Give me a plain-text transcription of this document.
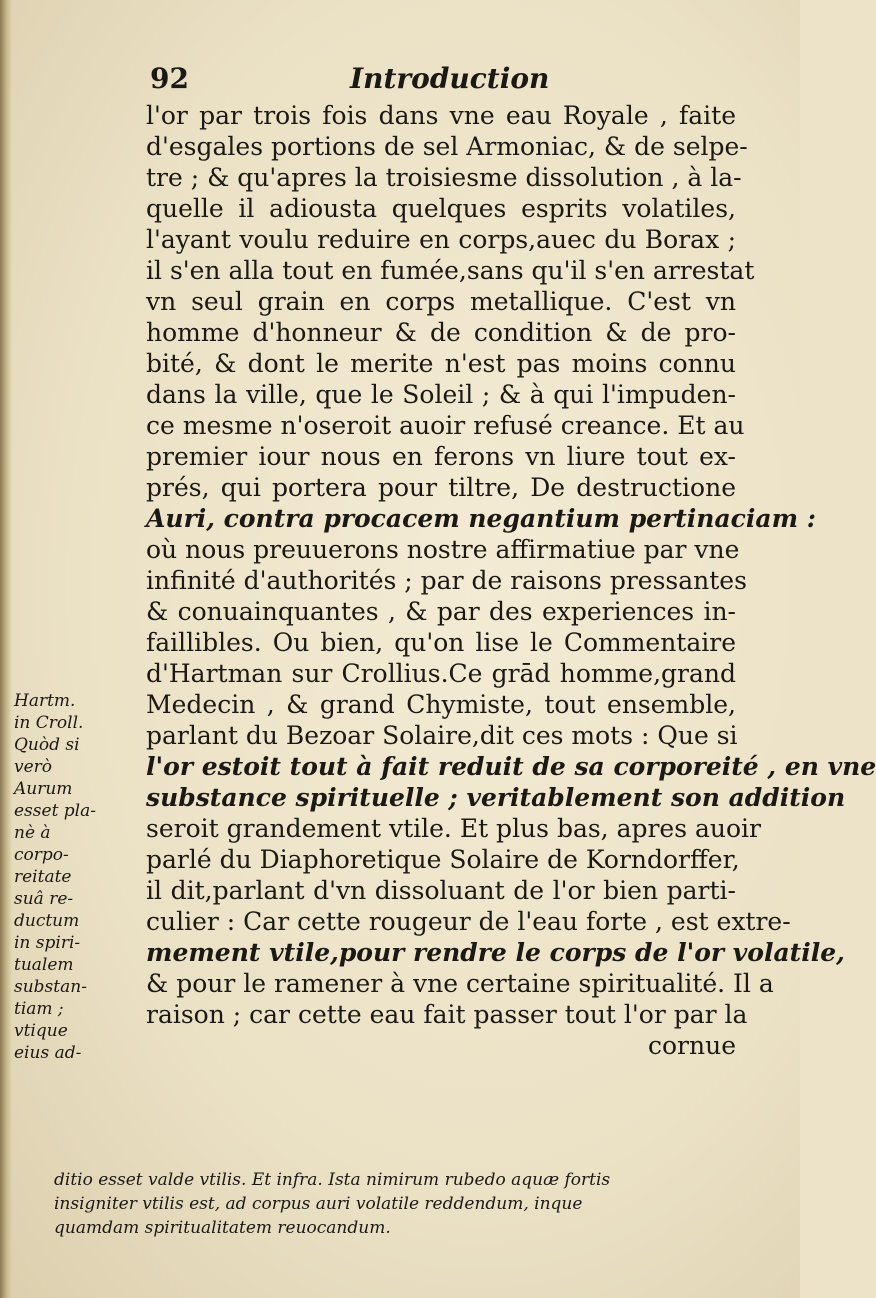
92	Introduction
l'or par trois fois dans vne eau Royale , faite
d'esgales portions de sel Armoniac, & de selpe-
tre ; & qu'apres la troisiesme dissolution , à la-
quelle il adiousta quelques esprits volatiles,
l'ayant voulu reduire en corps,auec du Borax ;
il s'en alla tout en fumée,sans qu'il s'en arrestat
vn seul grain en corps metallique. C'est vn
homme d'honneur & de condition & de pro-
bité, & dont le merite n'est pas moins connu
dans la ville, que le Soleil ; & à qui l'impuden-
ce mesme n'oseroit auoir refusé creance. Et au
premier iour nous en ferons vn liure tout ex-
prés, qui portera pour tiltre, De destructione
Auri, contra procacem negantium pertinaciam :
où nous preuuerons nostre affirmatiue par vne
infinité d'authorités ; par de raisons pressantes
& conuainquantes , & par des experiences in-
faillibles. Ou bien, qu'on lise le Commentaire
d'Hartman sur Crollius.Ce grād homme,grand
Medecin , & grand Chymiste, tout ensemble,
parlant du Bezoar Solaire,dit ces mots : Que si
l'or estoit tout à fait reduit de sa corporeité , en vne
substance spirituelle ; veritablement son addition
seroit grandement vtile. Et plus bas, apres auoir
parlé du Diaphoretique Solaire de Korndorffer,
il dit,parlant d'vn dissoluant de l'or bien parti-
culier : Car cette rougeur de l'eau forte , est extre-
mement vtile,pour rendre le corps de l'or volatile,
& pour le ramener à vne certaine spiritualité. Il a
raison ; car cette eau fait passer tout l'or par la
cornue
Hartm.
in Croll.
Quòd si
verò
Aurum
esset pla-
nè à
corpo-
reitate
suâ re-
ductum
in spiri-
tualem
substan-
tiam ;
vtique
eius ad-
ditio esset valde vtilis. Et infra. Ista nimirum rubedo aquæ fortis
insigniter vtilis est, ad corpus auri volatile reddendum, inque
quamdam spiritualitatem reuocandum.
